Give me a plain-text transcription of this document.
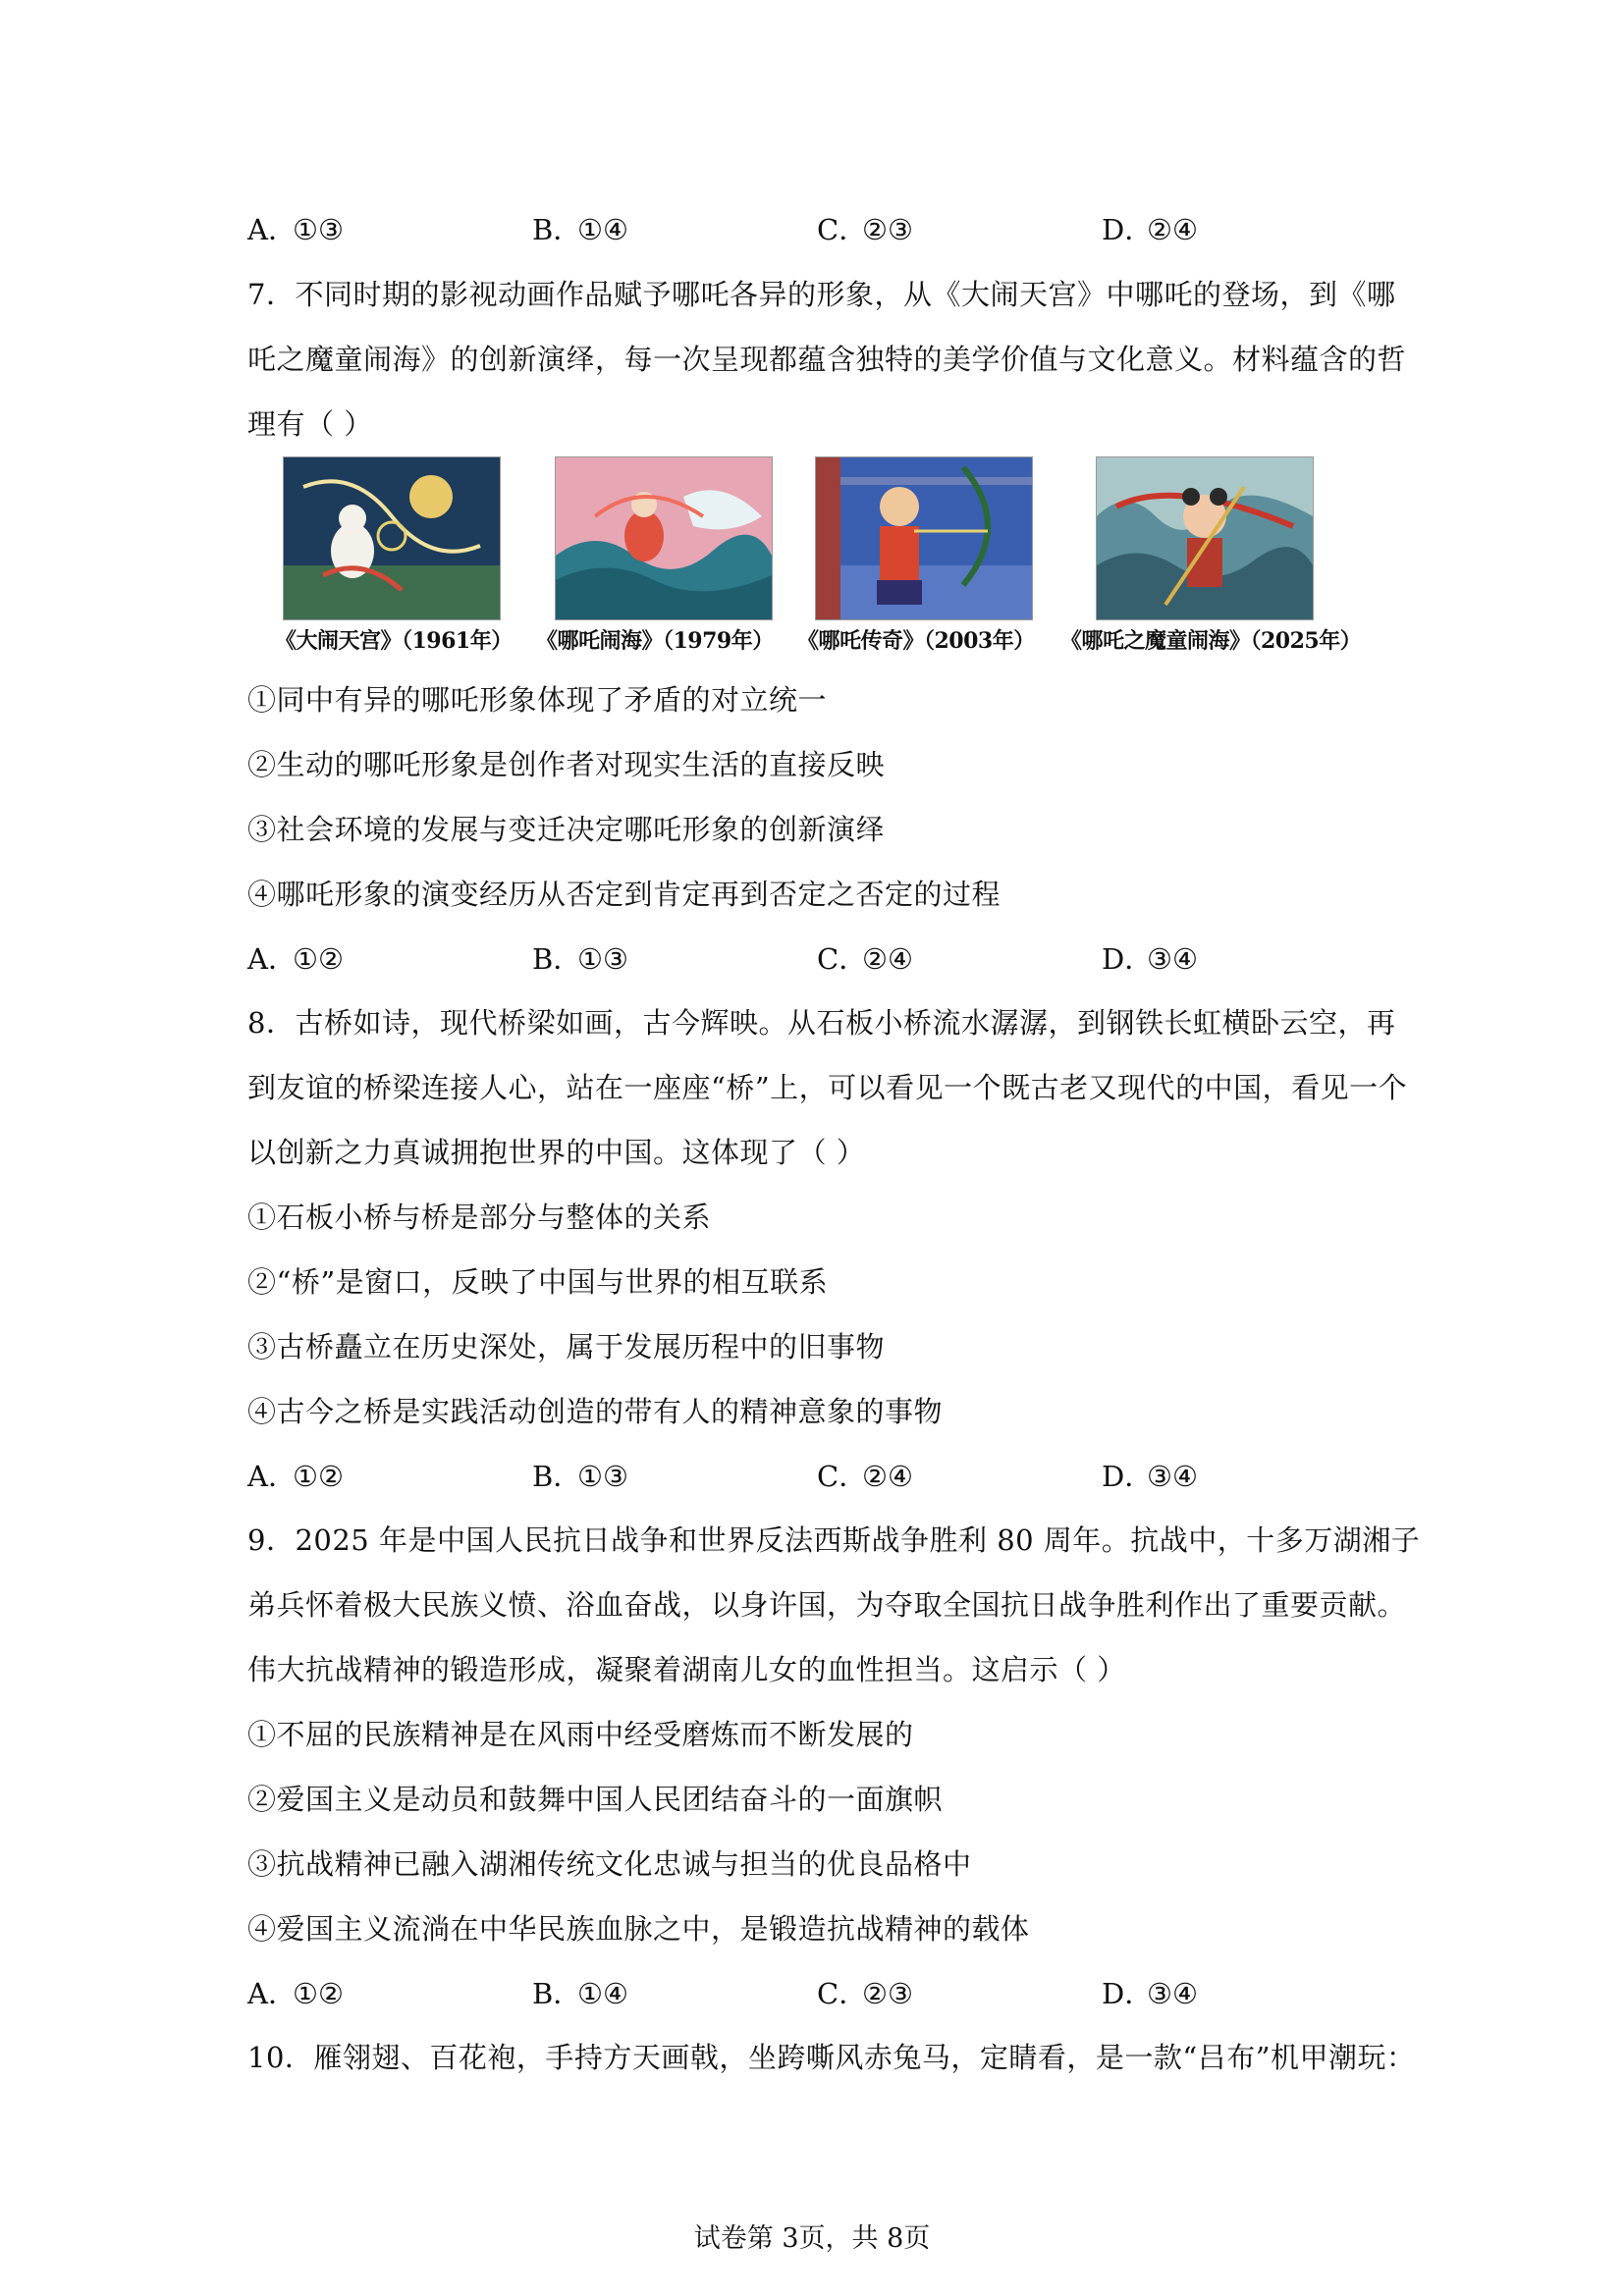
A．①③	B．①④	C．②③	D．②④
7．不同时期的影视动画作品赋予哪吒各异的形象，从《大闹天宫》中哪吒的登场，到《哪
吒之魔童闹海》的创新演绎，每一次呈现都蕴含独特的美学价值与文化意义。材料蕴含的哲
理有（ ）
《大闹天宫》（1961年） 《哪吒闹海》（1979年） 《哪吒传奇》（2003年） 《哪吒之魔童闹海》（2025年）
①同中有异的哪吒形象体现了矛盾的对立统一
②生动的哪吒形象是创作者对现实生活的直接反映
③社会环境的发展与变迁决定哪吒形象的创新演绎
④哪吒形象的演变经历从否定到肯定再到否定之否定的过程
A．①②	B．①③	C．②④	D．③④
8．古桥如诗，现代桥梁如画，古今辉映。从石板小桥流水潺潺，到钢铁长虹横卧云空，再
到友谊的桥梁连接人心，站在一座座“桥”上，可以看见一个既古老又现代的中国，看见一个
以创新之力真诚拥抱世界的中国。这体现了（ ）
①石板小桥与桥是部分与整体的关系
②“桥”是窗口，反映了中国与世界的相互联系
③古桥矗立在历史深处，属于发展历程中的旧事物
④古今之桥是实践活动创造的带有人的精神意象的事物
A．①②	B．①③	C．②④	D．③④
9．2025 年是中国人民抗日战争和世界反法西斯战争胜利 80 周年。抗战中，十多万湖湘子
弟兵怀着极大民族义愤、浴血奋战，以身许国，为夺取全国抗日战争胜利作出了重要贡献。
伟大抗战精神的锻造形成，凝聚着湖南儿女的血性担当。这启示（ ）
①不屈的民族精神是在风雨中经受磨炼而不断发展的
②爱国主义是动员和鼓舞中国人民团结奋斗的一面旗帜
③抗战精神已融入湖湘传统文化忠诚与担当的优良品格中
④爱国主义流淌在中华民族血脉之中，是锻造抗战精神的载体
A．①②	B．①④	C．②③	D．③④
10．雁翎翅、百花袍，手持方天画戟，坐跨嘶风赤兔马，定睛看，是一款“吕布”机甲潮玩：
试卷第 3页，共 8页
